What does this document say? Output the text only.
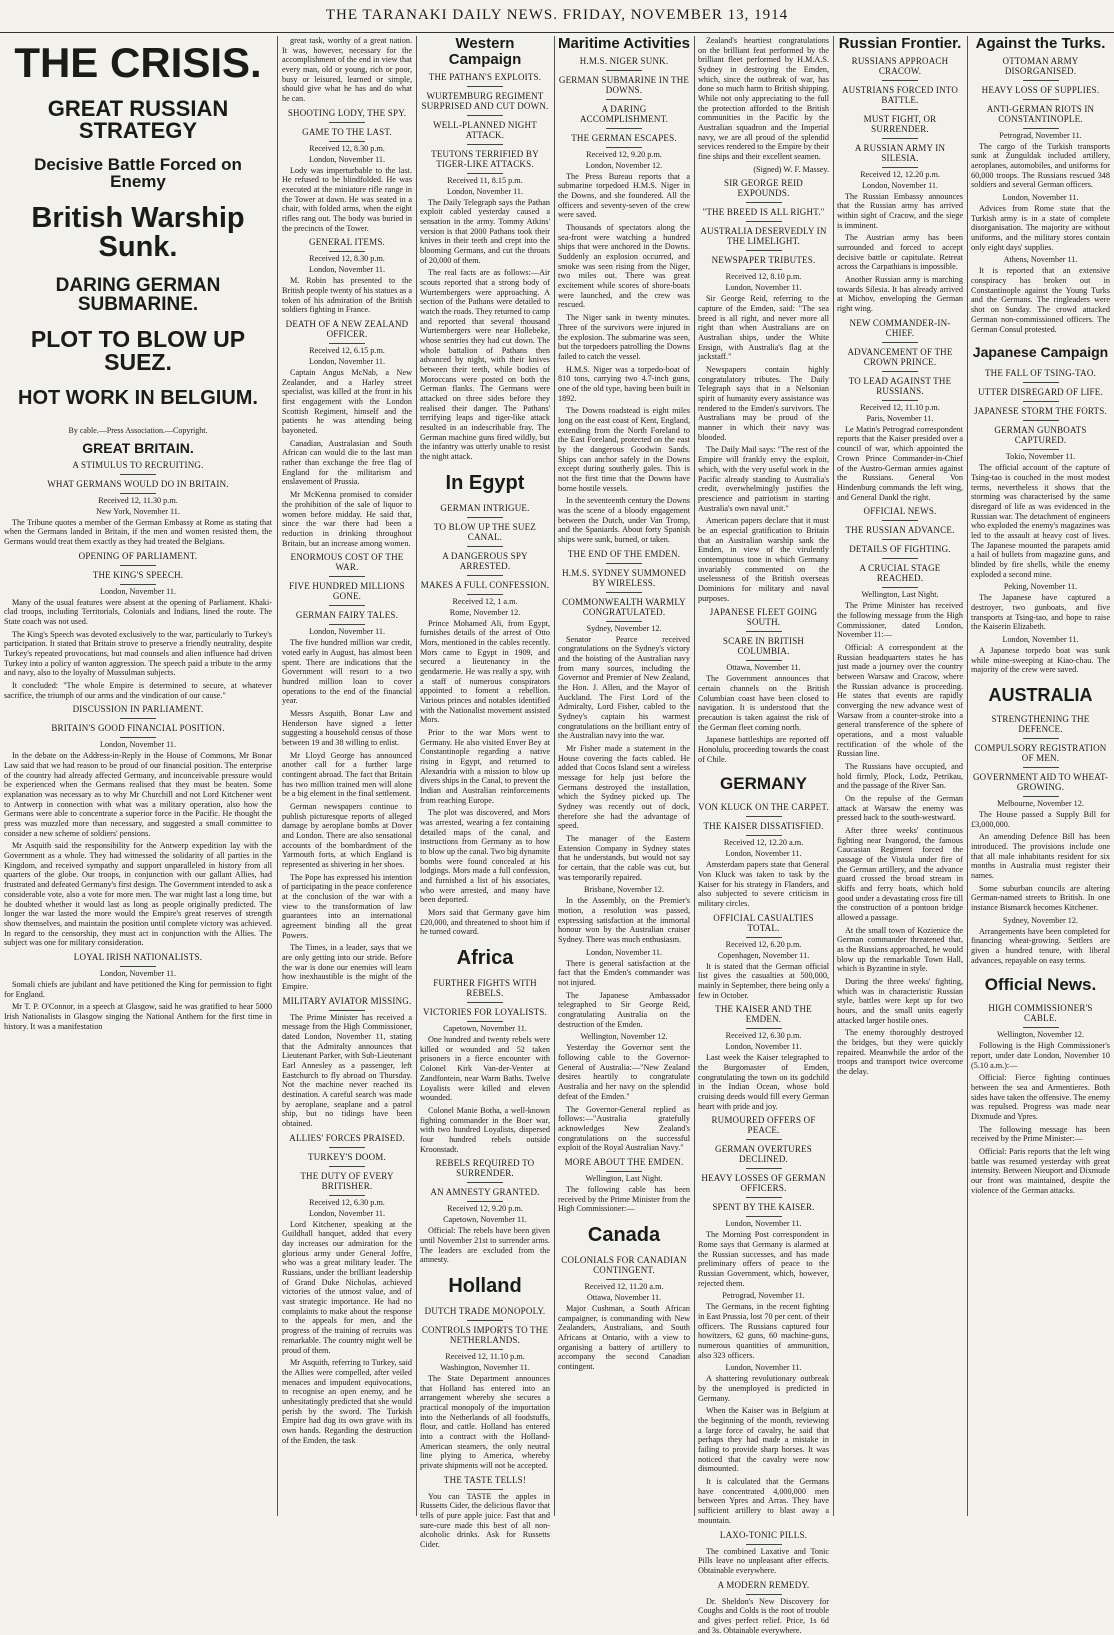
THE TARANAKI DAILY NEWS. FRIDAY, NOVEMBER 13, 1914
THE CRISIS.
GREAT RUSSIAN STRATEGY
Decisive Battle Forced on Enemy
British Warship Sunk.
DARING GERMAN SUBMARINE.
PLOT TO BLOW UP SUEZ.
HOT WORK IN BELGIUM.
By cable.—Press Association.—Copyright.
GREAT BRITAIN.
A STIMULUS TO RECRUITING.
WHAT GERMANS WOULD DO IN BRITAIN.
Received 12, 11.30 p.m.
New York, November 11.

The Tribune quotes a member of the German Embassy at Rome as stating that when the Germans landed in Britain, if the men and women resisted them, the Germans would treat them exactly as they had treated the Belgians.

OPENING OF PARLIAMENT.
THE KING'S SPEECH.
London, November 11.

Many of the usual features were absent at the opening of Parliament. Khaki-clad troops, including Territorials, Colonials and Indians, lined the route. The State coach was not used.

The King's Speech was devoted exclusively to the war, particularly to Turkey's participation. It stated that Britain strove to preserve a friendly neutrality, despite Turkey's repeated provocations, but mad counsels and alien influence had driven Turkey into a policy of wanton aggression. The speech paid a tribute to the army and navy, also to the loyalty of Mussulman subjects.

It concluded: "The whole Empire is determined to secure, at whatever sacrifice, the triumph of our arms and the vindication of our cause."

DISCUSSION IN PARLIAMENT.
BRITAIN'S GOOD FINANCIAL POSITION.
London, November 11.

In the debate on the Address-in-Reply in the House of Commons, Mr Bonar Law said that we had reason to be proud of our financial position. The enterprise of the country had already affected Germany, and inconceivable pressure would be experienced when the Germans realised that they must be beaten. Some explanation was necessary as to why Mr Churchill and not Lord Kitchener went to Antwerp in connection with what was a military operation, also how the Germans were able to concentrate a superior force in the Pacific. He thought the press was muzzled more than necessary, and suggested a small committee to consider a new scheme of soldiers' pensions.

Mr Asquith said the responsibility for the Antwerp expedition lay with the Government as a whole. They had witnessed the solidarity of all parties in the Kingdom, and received sympathy and support unparalleled in history from all quarters of the globe. Our troops, in conjunction with our gallant Allies, had frustrated and defeated Germany's first design. The Government intended to ask a considerable vote, also a vote for more men. The war might last a long time, but he doubted whether it would last as long as people originally predicted. The longer the war lasted the more would the Empire's great reserves of strength show themselves, and maintain the position until complete victory was achieved. In regard to the censorship, they must act in conjunction with the Allies. The subject was one for military consideration.

LOYAL IRISH NATIONALISTS.
London, November 11.

Somali chiefs are jubilant and have petitioned the King for permission to fight for England.

Mr T. P. O'Connor, in a speech at Glasgow, said he was gratified to hear 5000 Irish Nationalists in Glasgow singing the National Anthem for the first time in history. It was a manifestation

great task, worthy of a great nation. It was, however, necessary for the accomplishment of the end in view that every man, old or young, rich or poor, busy or leisured, learned or simple, should give what he has and do what he can.

SHOOTING LODY, THE SPY.
GAME TO THE LAST.
Received 12, 8.30 p.m.
London, November 11.

Lody was imperturbable to the last. He refused to be blindfolded. He was executed at the miniature rifle range in the Tower at dawn. He was seated in a chair, with folded arms, when the eight rifles rang out. The body was buried in the precincts of the Tower.

GENERAL ITEMS.
Received 12, 8.30 p.m.
London, November 11.

M. Robin has presented to the British people twenty of his statues as a token of his admiration of the British soldiers fighting in France.

DEATH OF A NEW ZEALAND OFFICER.
Received 12, 6.15 p.m.
London, November 11.

Captain Angus McNab, a New Zealander, and a Harley street specialist, was killed at the front in his first engagement with the London Scottish Regiment, himself and the patients he was attending being bayoneted.

Canadian, Australasian and South African can would die to the last man rather than exchange the free flag of England for the militarism and enslavement of Prussia.

Mr McKenna promised to consider the prohibition of the sale of liquor to women before midday. He said that, since the war there had been a reduction in drinking throughout Britain, but an increase among women.

ENORMOUS COST OF THE WAR.
FIVE HUNDRED MILLIONS GONE.
GERMAN FAIRY TALES.
London, November 11.

The five hundred million war credit, voted early in August, has almost been spent. There are indications that the Government will resort to a two hundred million loan to cover operations to the end of the financial year.

Messrs Asquith, Bonar Law and Henderson have signed a letter suggesting a household census of those between 19 and 38 willing to enlist.

Mr Lloyd George has announced another call for a further large contingent abroad. The fact that Britain has two million trained men will alone be a big element in the final settlement.

German newspapers continue to publish picturesque reports of alleged damage by aeroplane bombs at Dover and London. There are also sensational accounts of the bombardment of the Yarmouth forts, at which England is represented as shivering in her shoes.

The Pope has expressed his intention of participating in the peace conference at the conclusion of the war with a view to the transformation of law guarantees into an international agreement binding all the great Powers.

The Times, in a leader, says that we are only getting into our stride. Before the war is done our enemies will learn how inexhaustible is the might of the Empire.

MILITARY AVIATOR MISSING.

The Prime Minister has received a message from the High Commissioner, dated London, November 11, stating that the Admiralty announces that Lieutenant Parker, with Sub-Lieutenant Earl Annesley as a passenger, left Eastchurch to fly abroad on Thursday. Not the machine never reached its destination. A careful search was made by aeroplane, seaplane and a patrol ship, but no tidings have been obtained.

ALLIES' FORCES PRAISED.
TURKEY'S DOOM.
THE DUTY OF EVERY BRITISHER.
Received 12, 6.30 p.m.
London, November 11.

Lord Kitchener, speaking at the Guildhall banquet, added that every day increases our admiration for the glorious army under General Joffre, who was a great military leader. The Russians, under the brilliant leadership of Grand Duke Nicholas, achieved victories of the utmost value, and of vast strategic importance. He had no complaints to make about the response to the appeals for men, and the progress of the training of recruits was remarkable. The country might well be proud of them.

Mr Asquith, referring to Turkey, said the Allies were compelled, after veiled menaces and impudent equivocations, to recognise an open enemy, and he unhesitatingly predicted that she would perish by the sword. The Turkish Empire had dug its own grave with its own hands. Regarding the destruction of the Emden, the task

Western Campaign
THE PATHAN'S EXPLOITS.
WURTEMBURG REGIMENT SURPRISED AND CUT DOWN.
WELL-PLANNED NIGHT ATTACK.
TEUTONS TERRIFIED BY TIGER-LIKE ATTACKS.
Received 11, 8.15 p.m.
London, November 11.

The Daily Telegraph says the Pathan exploit cabled yesterday caused a sensation in the army. Tommy Atkins' version is that 2000 Pathans took their knives in their teeth and crept into the blooming Germans, and cut the throats of 20,000 of them.

The real facts are as follows:—Air scouts reported that a strong body of Wurtembergers were approaching. A section of the Pathans were detailed to watch the roads. They returned to camp and reported that several thousand Wurtembergers were near Hollebeke, whose sentries they had cut down. The whole battalion of Pathans then advanced by night, with their knives between their teeth, while bodies of Moroccans were posted on both the German flanks. The Germans were attacked on three sides before they realised their danger. The Pathans' terrifying leaps and tiger-like attack resulted in an indescribable fray. The German machine guns fired wildly, but the infantry was utterly unable to resist the night attack.

In Egypt
GERMAN INTRIGUE.
TO BLOW UP THE SUEZ CANAL.
A DANGEROUS SPY ARRESTED.
MAKES A FULL CONFESSION.
Received 12, 1 a.m.
Rome, November 12.

Prince Mohamed Ali, from Egypt, furnishes details of the arrest of Otto Mors, mentioned in the cables recently. Mors came to Egypt in 1909, and secured a lieutenancy in the gendarmerie. He was really a spy, with a staff of numerous conspirators appointed to foment a rebellion. Various princes and notables identified with the Nationalist movement assisted Mors.

Prior to the war Mors went to Germany. He also visited Enver Bey at Constantinople regarding a native rising in Egypt, and returned to Alexandria with a mission to blow up divers ships in the Canal, to prevent the Indian and Australian reinforcements from reaching Europe.

The plot was discovered, and Mors was arrested, wearing a fez containing detailed maps of the canal, and instructions from Germany as to how to blow up the canal. Two big dynamite bombs were found concealed at his lodgings. Mors made a full confession, and furnished a list of his associates, who were arrested, and many have been deported.

Mors said that Germany gave him £20,000, and threatened to shoot him if he turned coward.

Africa
FURTHER FIGHTS WITH REBELS.
VICTORIES FOR LOYALISTS.
Capetown, November 11.

One hundred and twenty rebels were killed or wounded and 52 taken prisoners in a fierce encounter with Colonel Kirk Van-der-Venter at Zandfontein, near Warm Baths. Twelve Loyalists were killed and eleven wounded.

Colonel Manie Botha, a well-known fighting commander in the Boer war, with two hundred Loyalists, dispersed four hundred rebels outside Kroonstadt.

REBELS REQUIRED TO SURRENDER.
AN AMNESTY GRANTED.
Received 12, 9.20 p.m.
Capetown, November 11.

Official: The rebels have been given until November 21st to surrender arms. The leaders are excluded from the amnesty.

Holland
DUTCH TRADE MONOPOLY.
CONTROLS IMPORTS TO THE NETHERLANDS.
Received 12, 11.10 p.m.
Washington, November 11.

The State Department announces that Holland has entered into an arrangement whereby she secures a practical monopoly of the importation into the Netherlands of all foodstuffs, flour, and cattle. Holland has entered into a contract with the Holland-American steamers, the only neutral line plying to America, whereby private shipments will not be accepted.

THE TASTE TELLS!

You can TASTE the apples in Russetts Cider, the delicious flavor that tells of pure apple juice. Fast that and sure-cure made this best of all non-alcoholic drinks. Ask for Russetts Cider.

Maritime Activities
H.M.S. NIGER SUNK.
GERMAN SUBMARINE IN THE DOWNS.
A DARING ACCOMPLISHMENT.
THE GERMAN ESCAPES.
Received 12, 9.20 p.m.
London, November 12.

The Press Bureau reports that a submarine torpedoed H.M.S. Niger in the Downs, and she foundered. All the officers and seventy-seven of the crew were saved.

Thousands of spectators along the sea-front were watching a hundred ships that were anchored in the Downs. Suddenly an explosion occurred, and smoke was seen rising from the Niger, two miles out. There was great excitement while scores of shore-boats were launched, and the crew was rescued.

The Niger sank in twenty minutes. Three of the survivors were injured in the explosion. The submarine was seen, but the torpedoers patrolling the Downs failed to catch the vessel.

H.M.S. Niger was a torpedo-boat of 810 tons, carrying two 4.7-inch guns, one of the old type, having been built in 1892.

The Downs roadstead is eight miles long on the east coast of Kent, England, extending from the North Foreland to the East Foreland, protected on the east by the dangerous Goodwin Sands. Ships can anchor safely in the Downs except during southerly gales. This is not the first time that the Downs have borne hostile vessels.

In the seventeenth century the Downs was the scene of a bloody engagement between the Dutch, under Van Tromp, and the Spaniards. About forty Spanish ships were sunk, burned, or taken.

THE END OF THE EMDEN.
H.M.S. SYDNEY SUMMONED BY WIRELESS.
COMMONWEALTH WARMLY CONGRATULATED.
Sydney, November 12.

Senator Pearce received congratulations on the Sydney's victory and the hoisting of the Australian navy from many sources, including the Governor and Premier of New Zealand, the Hon. J. Allen, and the Mayor of Auckland. The First Lord of the Admiralty, Lord Fisher, cabled to the Sydney's captain his warmest congratulations on the brilliant entry of the Australian navy into the war.

Mr Fisher made a statement in the House covering the facts cabled. He added that Cocos Island sent a wireless message for help just before the Germans destroyed the installation, which the Sydney picked up. The Sydney was recently out of dock, therefore she had the advantage of speed.

The manager of the Eastern Extension Company in Sydney states that he understands, but would not say for certain, that the cable was cut, but was temporarily repaired.

Brisbane, November 12.

In the Assembly, on the Premier's motion, a resolution was passed, expressing satisfaction at the immortal honour won by the Australian cruiser Sydney. There was much enthusiasm.

London, November 11.

There is general satisfaction at the fact that the Emden's commander was not injured.

The Japanese Ambassador telegraphed to Sir George Reid, congratulating Australia on the destruction of the Emden.

Wellington, November 12.

Yesterday the Governor sent the following cable to the Governor-General of Australia:—"New Zealand desires heartily to congratulate Australia and her navy on the splendid defeat of the Emden."

The Governor-General replied as follows:—"Australia gratefully acknowledges New Zealand's congratulations on the successful exploit of the Royal Australian Navy."

MORE ABOUT THE EMDEN.
Wellington, Last Night.

The following cable has been received by the Prime Minister from the High Commissioner:—

Canada
COLONIALS FOR CANADIAN CONTINGENT.
Received 12, 11.20 a.m.
Ottawa, November 11.

Major Cushman, a South African campaigner, is commanding with New Zealanders, Australians, and South Africans at Ontario, with a view to organising a battery of artillery to accompany the second Canadian contingent.

Zealand's heartiest congratulations on the brilliant feat performed by the brilliant fleet performed by H.M.A.S. Sydney in destroying the Emden, which, since the outbreak of war, has done so much harm to British shipping. While not only appreciating to the full the protection afforded to the British communities in the Pacific by the Australian squadron and the Imperial navy, we are all proud of the splendid services rendered to the Empire by their fine ships and their excellent seamen.

(Signed) W. F. Massey.

SIR GEORGE REID EXPOUNDS.
"THE BREED IS ALL RIGHT."
AUSTRALIA DESERVEDLY IN THE LIMELIGHT.
NEWSPAPER TRIBUTES.
Received 12, 8.10 p.m.
London, November 11.

Sir George Reid, referring to the capture of the Emden, said: "The sea breed is all right, and never more all right than when Australians are on Australian ships, under the White Ensign, with Australia's flag at the jackstaff."

Newspapers contain highly congratulatory tributes. The Daily Telegraph says that in a Nelsonian spirit of humanity every assistance was rendered to the Emden's survivors. The Australians may be proud of the manner in which their navy was blooded.

The Daily Mail says: "The rest of the Empire will frankly envy the exploit, which, with the very useful work in the Pacific already standing to Australia's credit, overwhelmingly justifies the prescience and patriotism in starting Australia's own naval unit."

American papers declare that it must be an especial gratification to Britain that an Australian warship sank the Emden, in view of the virulently contemptuous tone in which Germany invariably commented on the uselessness of the British overseas Dominions for military and naval purposes.

JAPANESE FLEET GOING SOUTH.
SCARE IN BRITISH COLUMBIA.
Ottawa, November 11.

The Government announces that certain channels on the British Columbian coast have been closed to navigation. It is understood that the precaution is taken against the risk of the German fleet coming north.

Japanese battleships are reported off Honolulu, proceeding towards the coast of Chile.

GERMANY
VON KLUCK ON THE CARPET.
THE KAISER DISSATISFIED.
Received 12, 12.20 a.m.
London, November 11.

Amsterdam papers state that General Von Kluck was taken to task by the Kaiser for his strategy in Flanders, and also subjected to severe criticism in military circles.

OFFICIAL CASUALTIES TOTAL.
Received 12, 6.20 p.m.
Copenhagen, November 11.

It is stated that the German official list gives the casualties at 500,000, mainly in September, there being only a few in October.

THE KAISER AND THE EMDEN.
Received 12, 6.30 p.m.
London, November 11.

Last week the Kaiser telegraphed to the Burgomaster of Emden, congratulating the town on its godchild in the Indian Ocean, whose bold cruising deeds would fill every German heart with pride and joy.

RUMOURED OFFERS OF PEACE.
GERMAN OVERTURES DECLINED.
HEAVY LOSSES OF GERMAN OFFICERS.
SPENT BY THE KAISER.
London, November 11.

The Morning Post correspondent in Rome says that Germany is alarmed at the Russian successes, and has made preliminary offers of peace to the Russian Government, which, however, rejected them.

Petrograd, November 11.

The Germans, in the recent fighting in East Prussia, lost 70 per cent. of their officers. The Russians captured four howitzers, 62 guns, 60 machine-guns, numerous quantities of ammunition, also 323 officers.

London, November 11.

A shattering revolutionary outbreak by the unemployed is predicted in Germany.

When the Kaiser was in Belgium at the beginning of the month, reviewing a large force of cavalry, he said that perhaps they had made a mistake in failing to provide sharp horses. It was noticed that the cavalry were now dismounted.

It is calculated that the Germans have concentrated 4,000,000 men between Ypres and Arras. They have sufficient artillery to blast away a mountain.

LAXO-TONIC PILLS.

The combined Laxative and Tonic Pills leave no unpleasant after effects. Obtainable everywhere.

A MODERN REMEDY.

Dr. Sheldon's New Discovery for Coughs and Colds is the root of trouble and gives perfect relief. Price, 1s 6d and 3s. Obtainable everywhere.

Russian Frontier.
RUSSIANS APPROACH CRACOW.
AUSTRIANS FORCED INTO BATTLE.
MUST FIGHT, OR SURRENDER.
A RUSSIAN ARMY IN SILESIA.
Received 12, 12.20 p.m.
London, November 11.

The Russian Embassy announces that the Russian army has arrived within sight of Cracow, and the siege is imminent.

The Austrian army has been surrounded and forced to accept decisive battle or capitulate. Retreat across the Carpathians is impossible.

Another Russian army is marching towards Silesia. It has already arrived at Michov, enveloping the German right wing.

NEW COMMANDER-IN-CHIEF.
ADVANCEMENT OF THE CROWN PRINCE.
TO LEAD AGAINST THE RUSSIANS.
Received 12, 11.10 p.m.
Paris, November 11.

Le Matin's Petrograd correspondent reports that the Kaiser presided over a council of war, which appointed the Crown Prince Commander-in-Chief of the Austro-German armies against the Russians. General Von Hindenburg commands the left wing, and General Dankl the right.

OFFICIAL NEWS.
THE RUSSIAN ADVANCE.
DETAILS OF FIGHTING.
A CRUCIAL STAGE REACHED.
Wellington, Last Night.

The Prime Minister has received the following message from the High Commissioner, dated London, November 11:—

Official: A correspondent at the Russian headquarters states he has just made a journey over the country between Warsaw and Cracow, where the Russian advance is proceeding. He states that events are rapidly converging the new advance west of Warsaw from a counter-stroke into a general transference of the sphere of operations, and a most valuable rectification of the whole of the Russian line.

The Russians have occupied, and hold firmly, Plock, Lodz, Petrikau, and the passage of the River San.

On the repulse of the German attack at Warsaw the enemy was pressed back to the south-westward.

After three weeks' continuous fighting near Ivangorod, the famous Caucasian Regiment forced the passage of the Vistula under fire of the German artillery, and the advance guard crossed the broad stream in skiffs and ferry boats, which hold good under a devastating cross fire till the construction of a pontoon bridge allowed a passage.

At the small town of Kozienice the German commander threatened that, as the Russians approached, he would blow up the remarkable Town Hall, which is Byzantine in style.

During the three weeks' fighting, which was in characteristic Russian style, battles were kept up for two hours, and the small units eagerly attacked larger hostile ones.

The enemy thoroughly destroyed the bridges, but they were quickly repaired. Meanwhile the ardor of the troops and transport twice overcome the delay.

Against the Turks.
OTTOMAN ARMY DISORGANISED.
HEAVY LOSS OF SUPPLIES.
ANTI-GERMAN RIOTS IN CONSTANTINOPLE.
Petrograd, November 11.

The cargo of the Turkish transports sunk at Zunguldak included artillery, aeroplanes, automobiles, and uniforms for 60,000 troops. The Russians rescued 348 soldiers and several German officers.

London, November 11.

Advices from Rome state that the Turkish army is in a state of complete disorganisation. The majority are without uniforms, and the military stores contain only eight days' supplies.

Athens, November 11.

It is reported that an extensive conspiracy has broken out in Constantinople against the Young Turks and the Germans. The ringleaders were shot on Sunday. The crowd attacked German non-commissioned officers. The German Consul protested.

Japanese Campaign
THE FALL OF TSING-TAO.
UTTER DISREGARD OF LIFE.
JAPANESE STORM THE FORTS.
GERMAN GUNBOATS CAPTURED.
Tokio, November 11.

The official account of the capture of Tsing-tao is couched in the most modest terms, nevertheless it shows that the storming was characterised by the same disregard of life as was evidenced in the Russian war. The detachment of engineers who exploded the enemy's magazines was led to the assault at heavy cost of lives. The Japanese mounted the parapets amid a hail of bullets from magazine guns, and blinded by fire shells, while the enemy exploded a second mine.

Peking, November 11.

The Japanese have captured a destroyer, two gunboats, and five transports at Tsing-tao, and hope to raise the Kaiserin Elizabeth.

London, November 11.

A Japanese torpedo boat was sunk while mine-sweeping at Kiao-chau. The majority of the crew were saved.

AUSTRALIA
STRENGTHENING THE DEFENCE.
COMPULSORY REGISTRATION OF MEN.
GOVERNMENT AID TO WHEAT-GROWING.
Melbourne, November 12.

The House passed a Supply Bill for £3,000,000.

An amending Defence Bill has been introduced. The provisions include one that all male inhabitants resident for six months in Australia must register their names.

Some suburban councils are altering German-named streets to British. In one instance Bismarck becomes Kitchener.

Sydney, November 12.

Arrangements have been completed for financing wheat-growing. Settlers are given a hundred tenure, with liberal advances, repayable on easy terms.

Official News.
HIGH COMMISSIONER'S CABLE.
Wellington, November 12.

Following is the High Commissioner's report, under date London, November 10 (5.10 a.m.):—

Official: Fierce fighting continues between the sea and Armentieres. Both sides have taken the offensive. The enemy was repulsed. Progress was made near Dixmude and Ypres.

The following message has been received by the Prime Minister:—

Official: Paris reports that the left wing battle was resumed yesterday with great intensity. Between Nieuport and Dixmude our front was maintained, despite the violence of the German attacks.
